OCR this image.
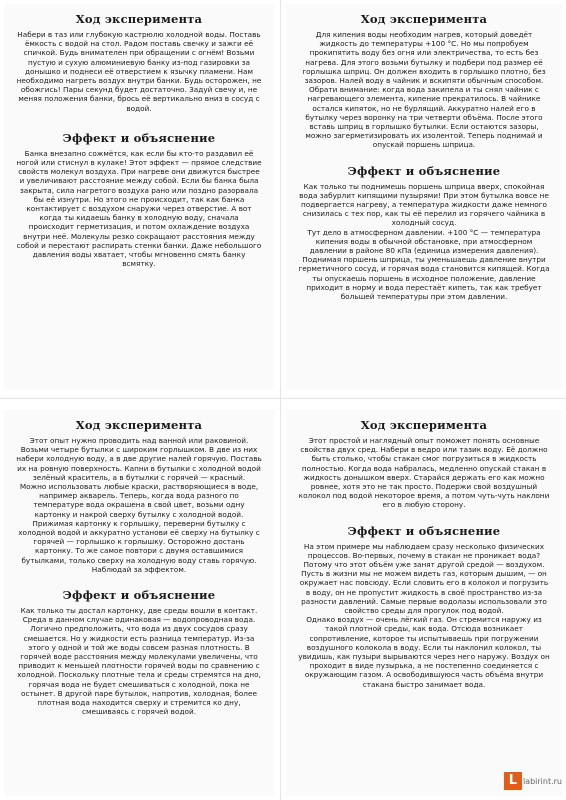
Ход эксперимента

Набери в таз или глубокую кастрюлю холодной воды. Поставь ёмкость с водой на стол. Радом поставь свечку и зажги её спичкой. Будь внимателен при обращении с огнём! Возьми пустую и сухую алюминиевую банку из-под газировки за донышко и поднеси её отверстием к язычку пламени. Нам необходимо нагреть воздух внутри банки. Будь осторожен, не обожгись! Пары секунд будет достаточно. Задуй свечу и, не меняя положения банки, брось её вертикально вниз в сосуд с водой.

Эффект и объяснение

Банка внезапно сожмётся, как если бы кто-то раздавил её ногой или стиснул в кулаке! Этот эффект — прямое следствие свойств молекул воздуха. При нагреве они движутся быстрее и увеличивают расстояние между собой. Если бы банка была закрыта, сила нагретого воздуха рано или поздно разорвала бы её изнутри. Но этого не происходит, так как банка контактирует с воздухом снаружи через отверстие. А вот когда ты кидаешь банку в холодную воду, сначала происходит герметизация, и потом охлаждение воздуха внутри неё. Молекулы резко сокращают расстояния между собой и перестают распирать стенки банки. Даже небольшого давления воды хватает, чтобы мгновенно смять банку всмятку.

Ход эксперимента

Для кипения воды необходим нагрев, который доведёт жидкость до температуры +100 °С. Но мы попробуем прокипятить воду без огня или электричества, то есть без нагрева. Для этого возьми бутылку и подбери под размер её горлышка шприц. Он должен входить в горлышко плотно, без зазоров. Налей воду в чайник и вскипяти обычным способом. Обрати внимание: когда вода закипела и ты снял чайник с нагревающего элемента, кипение прекратилось. В чайнике остался кипяток, но не бурлящий. Аккуратно налей его в бутылку через воронку на три четверти объёма. После этого вставь шприц в горлышко бутылки. Если остаются зазоры, можно загерметизировать их изолентой. Теперь поднимай и опускай поршень шприца.

Эффект и объяснение

Как только ты поднимешь поршень шприца вверх, спокойная вода забурлит кипящими пузырями! При этом бутылка вовсе не подвергается нагреву, а температура жидкости даже немного снизилась с тех пор, как ты её перелил из горячего чайника в холодный сосуд.

Тут дело в атмосферном давлении. +100 °С — температура кипения воды в обычной обстановке, при атмосферном давлении в районе 80 кПа (единица измерения давления). Поднимая поршень шприца, ты уменьшаешь давление внутри герметичного сосуд, и горячая вода становится кипящей. Когда ты опускаешь поршень в исходное положение, давление приходит в норму и вода перестаёт кипеть, так как требует большей температуры при этом давлении.

Ход эксперимента

Этот опыт нужно проводить над ванной или раковиной. Возьми четыре бутылки с широким горлышком. В две из них набери холодную воду, а в две другие налей горячую. Поставь их на ровную поверхность. Капни в бутылки с холодной водой зелёный краситель, а в бутылки с горячей — красный.

Можно использовать любые краски, растворяющиеся в воде, например акварель. Теперь, когда вода разного по температуре вода окрашена в свой цвет, возьми одну картонку и накрой сверху бутылку с холодной водой. Прижимая картонку к горлышку, переверни бутылку с холодной водой и аккуратно установи её сверху на бутылку с горячей — горлышко к горлышку. Осторожно достань картонку. То же самое повтори с двумя оставшимися бутылками, только сверху на холодную воду ставь горячую. Наблюдай за эффектом.

Эффект и объяснение

Как только ты достал картонку, две среды вошли в контакт. Среда в данном случае одинаковая — водопроводная вода. Логично предположить, что вода из двух сосудов сразу смешается. Но у жидкости есть разница температур. Из-за этого у одной и той же воды совсем разная плотность. В горячей воде расстояния между молекулами увеличены, что приводит к меньшей плотности горячей воды по сравнению с холодной. Поскольку плотные тела и среды стремятся на дно, горячая вода не будет смешиваться с холодной, пока не остынет. В другой паре бутылок, напротив, холодная, более плотная вода находится сверху и стремится ко дну, смешиваясь с горячей водой.

Ход эксперимента

Этот простой и наглядный опыт поможет понять основные свойства двух сред. Набери в ведро или тазик воду. Её должно быть столько, чтобы стакан смог погрузиться в жидкость полностью. Когда вода набралась, медленно опускай стакан в жидкость донышком вверх. Старайся держать его как можно ровнее, хотя это не так просто. Подержи свой воздушный колокол под водой некоторое время, а потом чуть-чуть наклони его в любую сторону.

Эффект и объяснение

На этом примере мы наблюдаем сразу несколько физических процессов. Во-первых, почему в стакан не проникает вода? Потому что этот объём уже занят другой средой — воздухом. Пусть в жизни мы не можем видеть газ, которым дышим, — он окружает нас повсюду. Если словить его в колокол и погрузить в воду, он не пропустит жидкость в своё пространство из-за разности давлений. Самые первые водолазы использовали это свойство среды для прогулок под водой.

Однако воздух — очень лёгкий газ. Он стремится наружу из такой плотной среды, как вода. Отсюда возникает сопротивление, которое ты испытываешь при погружении воздушного колокола в воду. Если ты наклонил колокол, ты увидишь, как пузыри вырываются через него наружу. Воздух он проходит в виде пузырька, а не постепенно соединяется с окружающим газом. А освободившуюся часть объёма внутри стакана быстро занимает вода.

L labirint.ru
